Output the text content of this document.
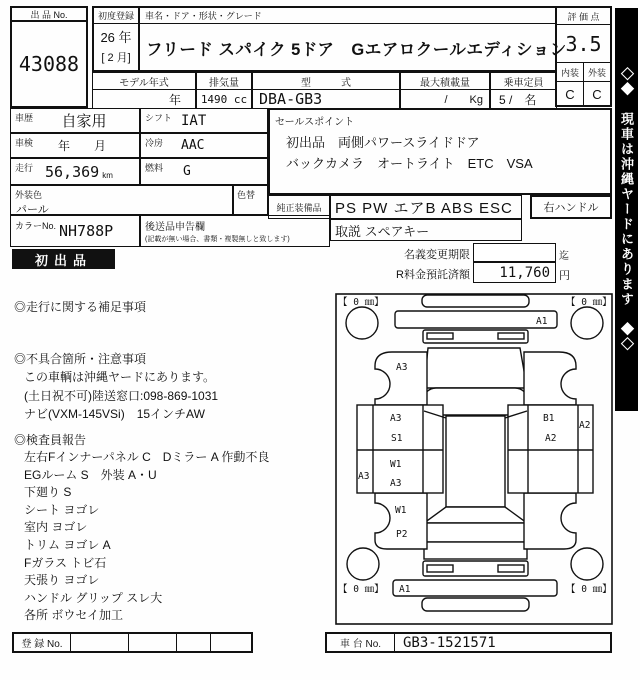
出 品 No.
43088
初度登録
26 年
[ 2 月]
車名・ドア・形状・グレード
フリード スパイク 5ドア　Gエアロクールエディション
評 価 点
3.5
内装 外装
C	C
モデル年式	排気量	型　　　式	最大積載量	乗車定員
年	1490 cc DBA-GB3	/　　Kg	5 /　名
車歴	自家用	シフト IAT
車検	年　　月	冷房	AAC
走行 56,369 km
燃料	G
外装色
パール
色替
カラーNo. NH788P	後送品申告欄
(記載が無い場合、書類・複製無しと致します)
初出品
セールスポイント
初出品　両側パワースライドドア
バックカメラ　オートライト　ETC　VSA
純正装備品 PS PW エアB ABS ESC	右ハンドル
取説 スペアキー
名義変更期限	迄
R料金預託済額	11,760 円
◎走行に関する補足事項
◎不具合箇所・注意事項
この車輌は沖縄ヤードにあります。
(土日祝不可)陸送窓口:098-869-1031
ナビ(VXM-145VSi)　15インチAW
◎検査員報告
左右Fインナーパネル C　Dミラー A 作動不良
EGルーム S　外装 A・U
下廻り S
シート ヨゴレ
室内 ヨゴレ
トリム ヨゴレ A
Fガラス トビ石
天張り ヨゴレ
ハンドル グリップ スレ大
各所 ボウセイ加工
【 0 ㎜】	【 0 ㎜】
【 0 ㎜】	【 0 ㎜】
A1
A3
A3
S1
W1
A3
A3
W1
P2
B1
A2
A2
A1
登 録 No.	車 台 No.	GB3-1521571
◇◆　現車は沖縄ヤードにあります　◆◇
